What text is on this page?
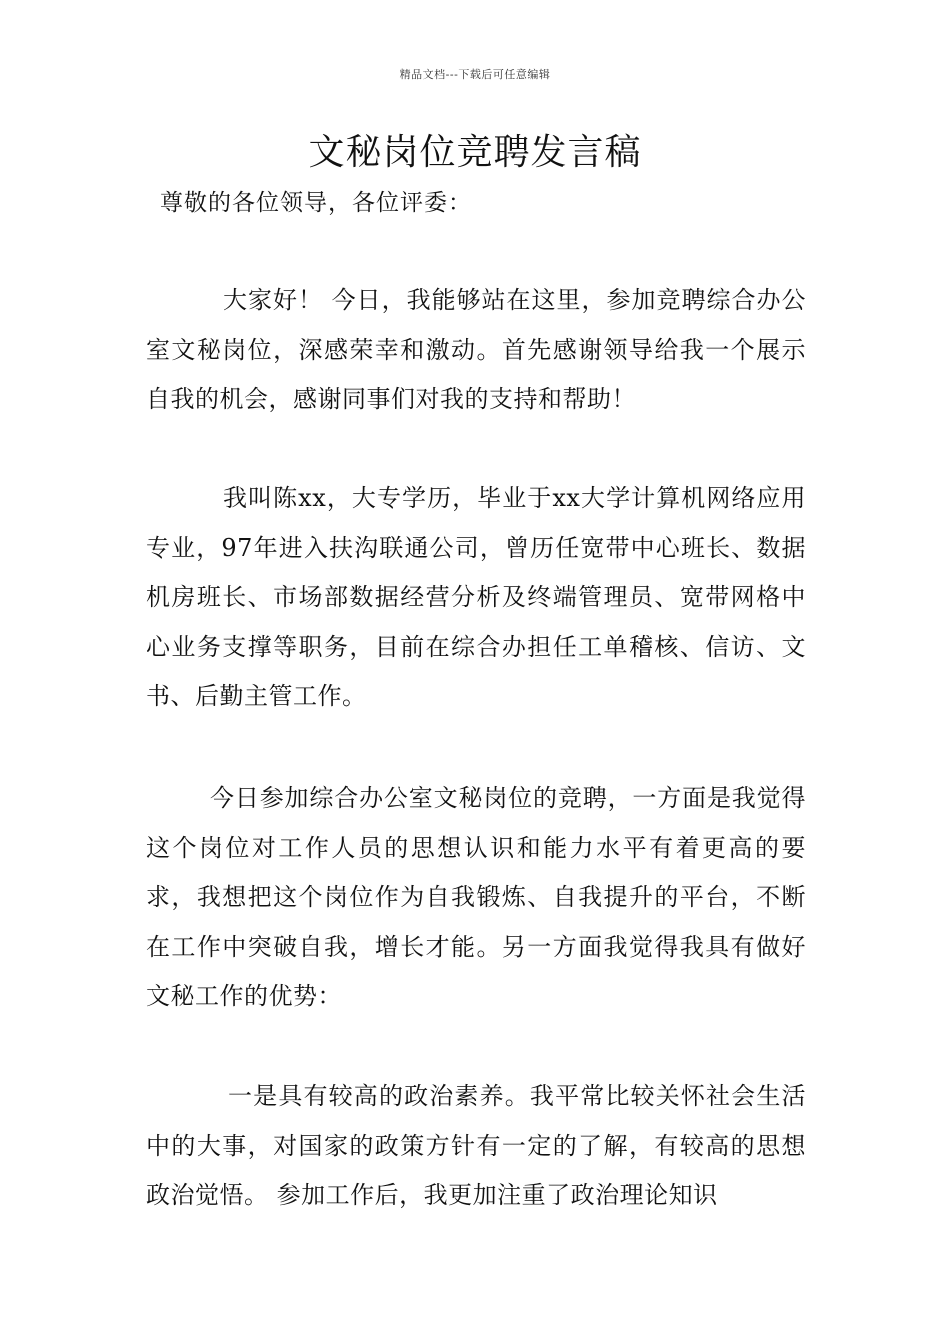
精品文档---下载后可任意编辑
文秘岗位竞聘发言稿

尊敬的各位领导，各位评委：

大家好！ 今日，我能够站在这里，参加竞聘综合办公室文秘岗位，深感荣幸和激动。首先感谢领导给我一个展示自我的机会，感谢同事们对我的支持和帮助！

我叫陈xx，大专学历，毕业于xx大学计算机网络应用专业，97年进入扶沟联通公司，曾历任宽带中心班长、数据机房班长、市场部数据经营分析及终端管理员、宽带网格中心业务支撑等职务，目前在综合办担任工单稽核、信访、文书、后勤主管工作。

今日参加综合办公室文秘岗位的竞聘，一方面是我觉得这个岗位对工作人员的思想认识和能力水平有着更高的要求，我想把这个岗位作为自我锻炼、自我提升的平台，不断在工作中突破自我，增长才能。另一方面我觉得我具有做好文秘工作的优势：

一是具有较高的政治素养。我平常比较关怀社会生活中的大事，对国家的政策方针有一定的了解，有较高的思想政治觉悟。 参加工作后，我更加注重了政治理论知识
